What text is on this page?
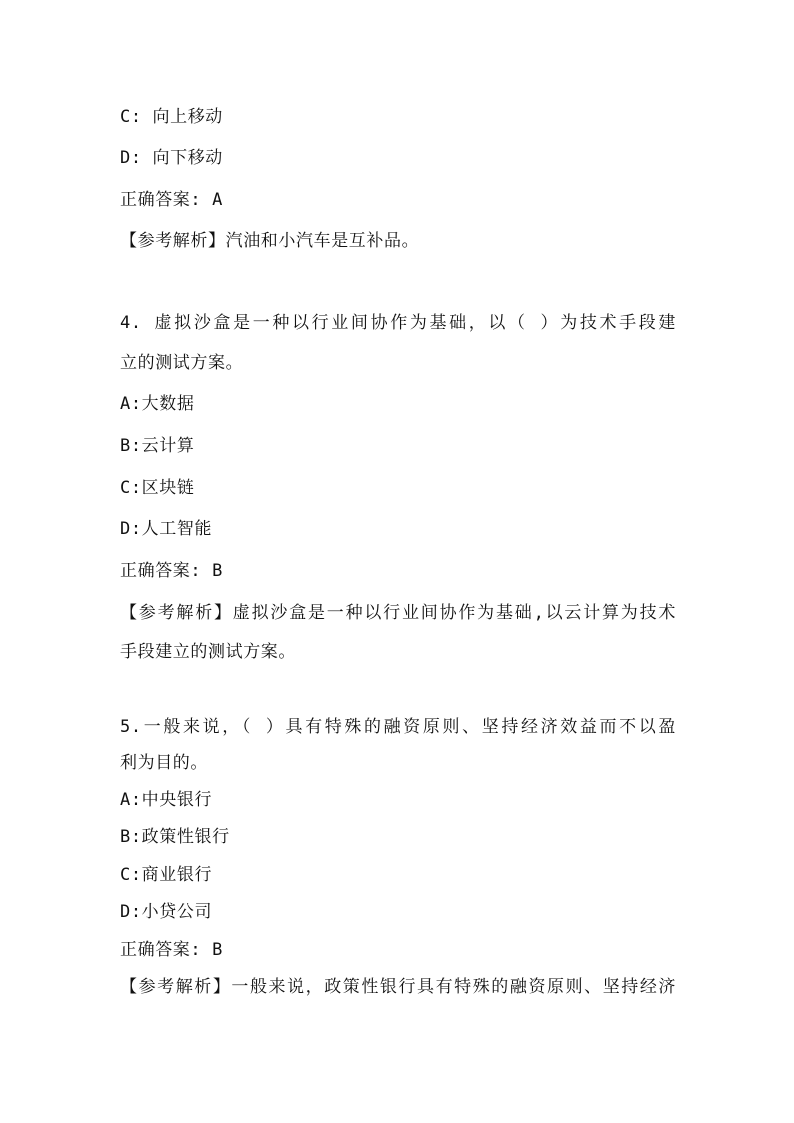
C: 向上移动
D: 向下移动
正确答案: A
【参考解析】汽油和小汽车是互补品。
4. 虚拟沙盒是一种以行业间协作为基础，以（ ）为技术手段建
立的测试方案。
A:大数据
B:云计算
C:区块链
D:人工智能
正确答案: B
【参考解析】虚拟沙盒是一种以行业间协作为基础,以云计算为技术
手段建立的测试方案。
5.一般来说，（ ）具有特殊的融资原则、坚持经济效益而不以盈
利为目的。
A:中央银行
B:政策性银行
C:商业银行
D:小贷公司
正确答案: B
【参考解析】一般来说，政策性银行具有特殊的融资原则、坚持经济
